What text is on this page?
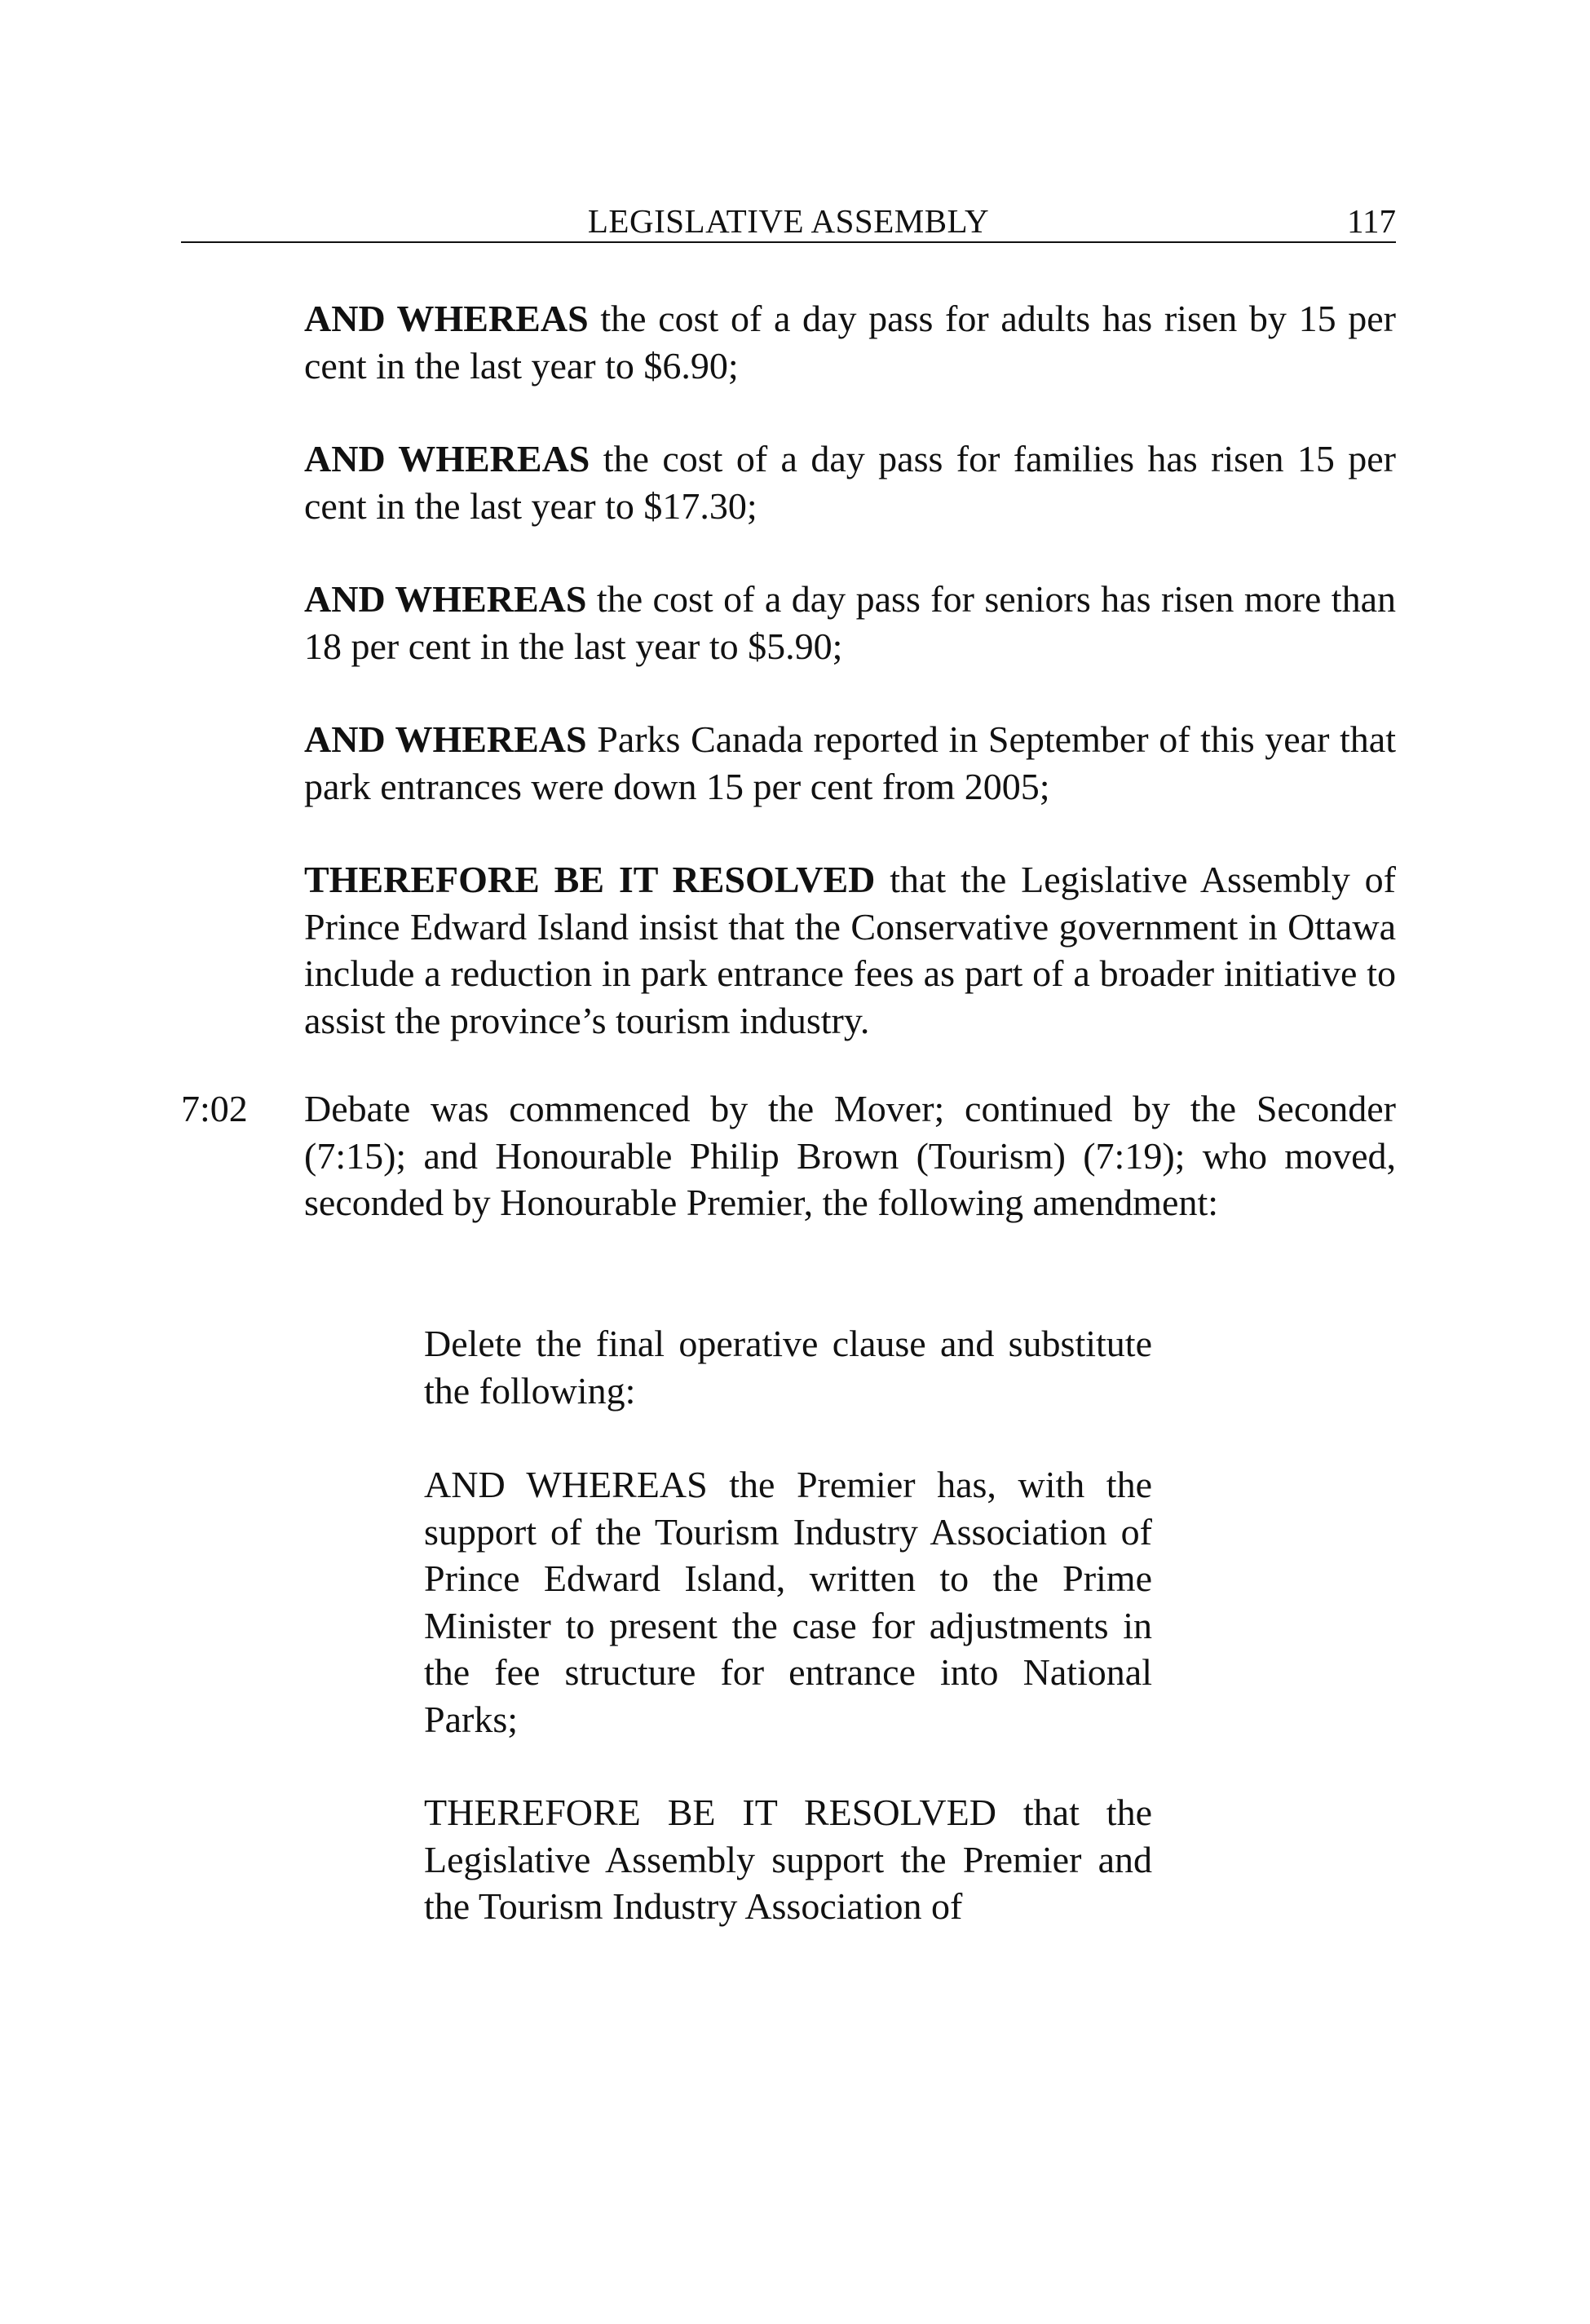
LEGISLATIVE ASSEMBLY	117

AND WHEREAS the cost of a day pass for adults has risen by 15 per cent in the last year to $6.90;

AND WHEREAS the cost of a day pass for families has risen 15 per cent in the last year to $17.30;

AND WHEREAS the cost of a day pass for seniors has risen more than 18 per cent in the last year to $5.90;

AND WHEREAS Parks Canada reported in September of this year that park entrances were down 15 per cent from 2005;

THEREFORE BE IT RESOLVED that the Legislative Assembly of Prince Edward Island insist that the Conservative government in Ottawa include a reduction in park entrance fees as part of a broader initiative to assist the province’s tourism industry.

7:02 Debate was commenced by the Mover; continued by the Seconder (7:15); and Honourable Philip Brown (Tourism) (7:19); who moved, seconded by Honourable Premier, the following amendment:

Delete the final operative clause and substitute the following:

AND WHEREAS the Premier has, with the support of the Tourism Industry Association of Prince Edward Island, written to the Prime Minister to present the case for adjustments in the fee structure for entrance into National Parks;

THEREFORE BE IT RESOLVED that the Legislative Assembly support the Premier and the Tourism Industry Association of
